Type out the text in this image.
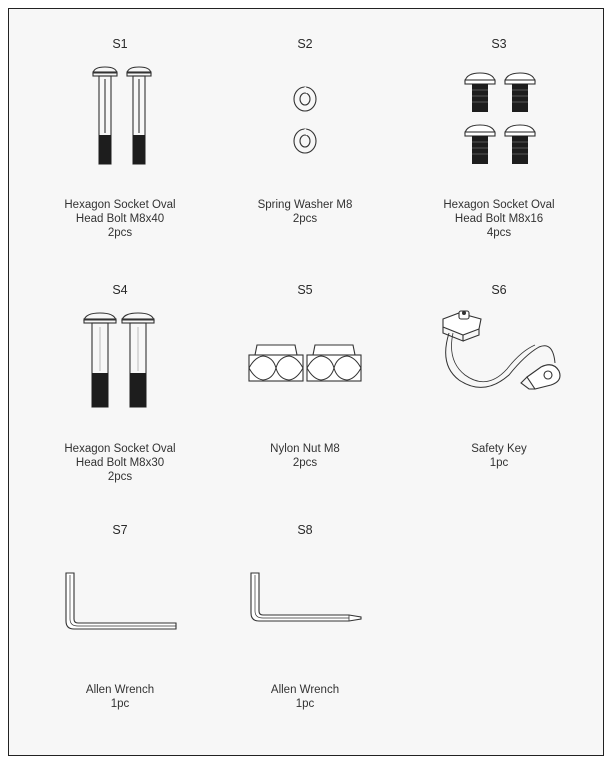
S1
Hexagon Socket Oval
Head Bolt M8x40
2pcs
S2
Spring Washer M8
2pcs
S3
Hexagon Socket Oval
Head Bolt M8x16
4pcs
S4
Hexagon Socket Oval
Head Bolt M8x30
2pcs
S5
Nylon Nut M8
2pcs
S6
Safety Key
1pc
S7
Allen Wrench
1pc
S8
Allen Wrench
1pc
